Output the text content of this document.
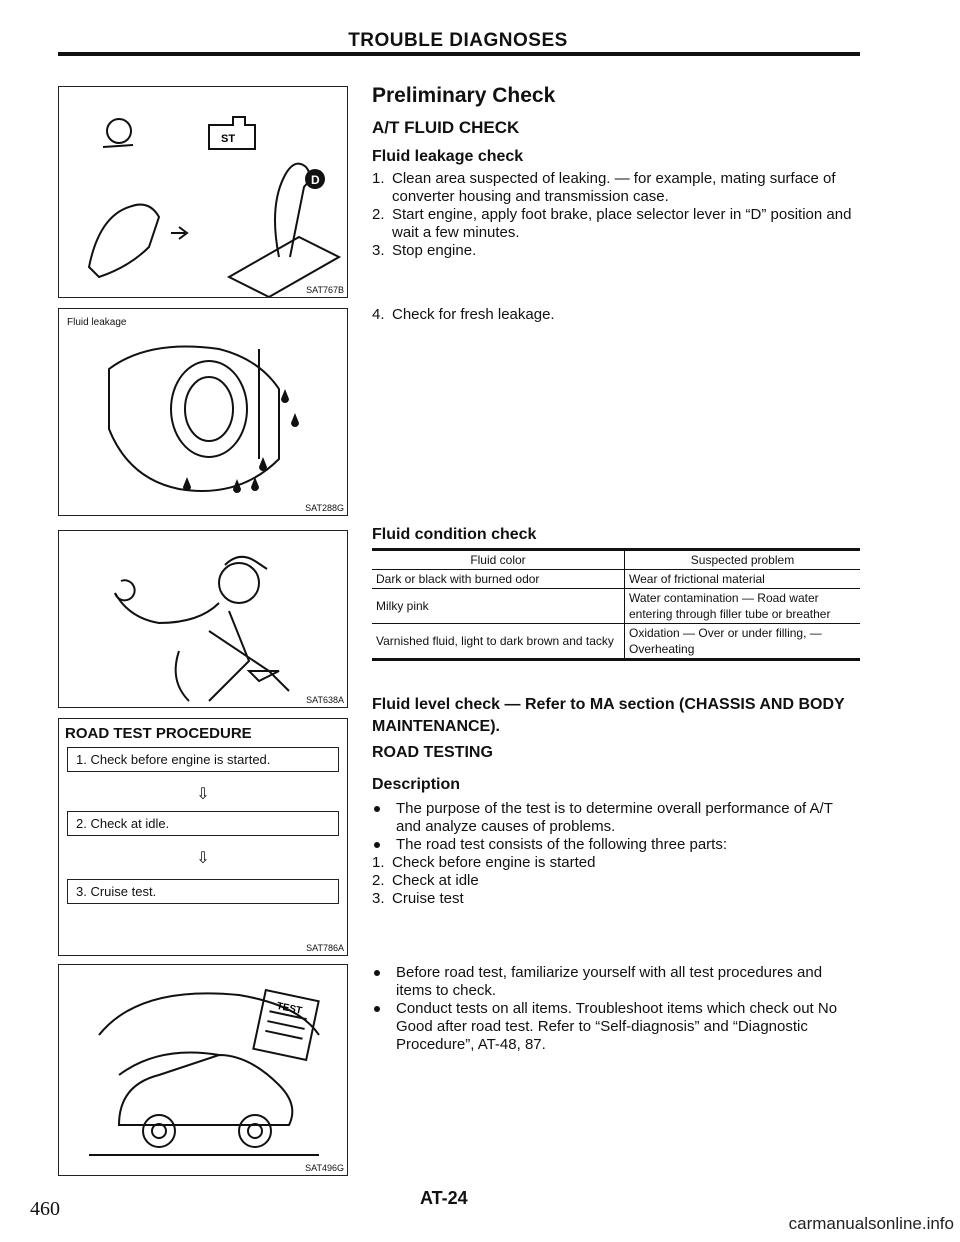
TROUBLE DIAGNOSES
ST
D
SAT767B
Fluid leakage
SAT288G
SAT638A
ROAD TEST PROCEDURE
1. Check before engine is started.
⇩
2. Check at idle.
⇩
3. Cruise test.
SAT786A
TEST
SAT496G
Preliminary Check
A/T FLUID CHECK
Fluid leakage check
1. Clean area suspected of leaking. — for example, mating surface of converter housing and transmission case.
2. Start engine, apply foot brake, place selector lever in “D” position and wait a few minutes.
3. Stop engine.
4. Check for fresh leakage.
Fluid condition check
Fluid color	Suspected problem
Dark or black with burned odor	Wear of frictional material
Milky pink	Water contamination — Road water entering through filler tube or breather
Varnished fluid, light to dark brown and tacky	Oxidation — Over or under filling, — Overheating
Fluid level check — Refer to MA section (CHASSIS AND BODY MAINTENANCE).
ROAD TESTING
Description
The purpose of the test is to determine overall performance of A/T and analyze causes of problems.
The road test consists of the following three parts:
1. Check before engine is started
2. Check at idle
3. Cruise test
Before road test, familiarize yourself with all test procedures and items to check.
Conduct tests on all items. Troubleshoot items which check out No Good after road test. Refer to “Self-diagnosis” and “Diagnostic Procedure”, AT-48, 87.
460	AT-24
carmanualsonline.info
